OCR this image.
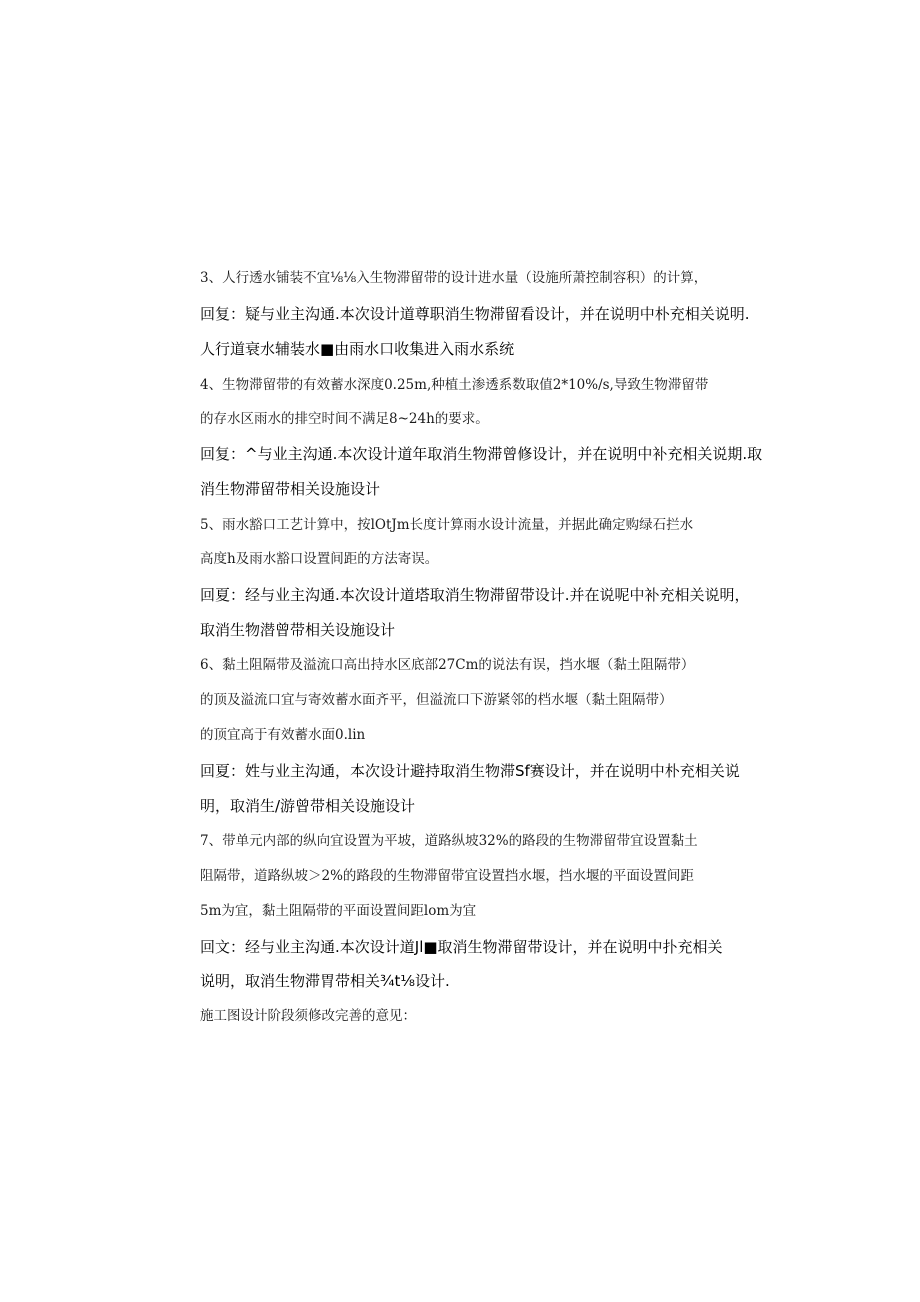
3、人行透水铺装不宜⅛⅛入生物滞留带的设计进水量（设施所萧控制容积）的计算，
回复：疑与业主沟通.本次设计道尊职消生物滞留看设计，并在说明中朴充相关说明.
人行道衰水辅装水■由雨水口收集进入雨水系统
4、生物滞留带的有效蓄水深度0.25m,种植土渗透系数取值2*10%/s,导致生物滞留带
的存水区雨水的排空时间不满足8~24h的要求。
回复：^与业主沟通.本次设计道年取消生物滞曾修设计，并在说明中补充相关说期.取
消生物滞留带相关设施设计
5、雨水豁口工艺计算中，按lOtJm长度计算雨水设计流量，并据此确定购绿石拦水
高度h及雨水豁口设置间距的方法寄误。
回夏：经与业主沟通.本次设计道塔取消生物滞留带设计.并在说呢中补充相关说明，
取消生物潜曾带相关设施设计
6、黏土阻隔带及溢流口高出持水区底部27Cm的说法有误，挡水堰（黏土阻隔带）
的顶及溢流口宜与寄效蓄水面齐平，但溢流口下游紧邻的档水堰（黏土阻隔带）
的顶宜高于有效蓄水面0.lin
回夏：姓与业主沟通，本次设计避持取消生物滞Sf赛设计，并在说明中朴充相关说
明，取消生/游曾带相关设施设计
7、带单元内部的纵向宜设置为平坡，道路纵坡32%的路段的生物滞留带宜设置黏土
阻隔带，道路纵坡＞2%的路段的生物滞留带宜设置挡水堰，挡水堰的平面设置间距
5m为宜，黏土阻隔带的平面设置间距lom为宜
回文：经与业主沟通.本次设计道Jl■取消生物滞留带设计，并在说明中扑充相关
说明，取消生物滞胃带相关¾t⅛设计.
施工图设计阶段须修改完善的意见：
